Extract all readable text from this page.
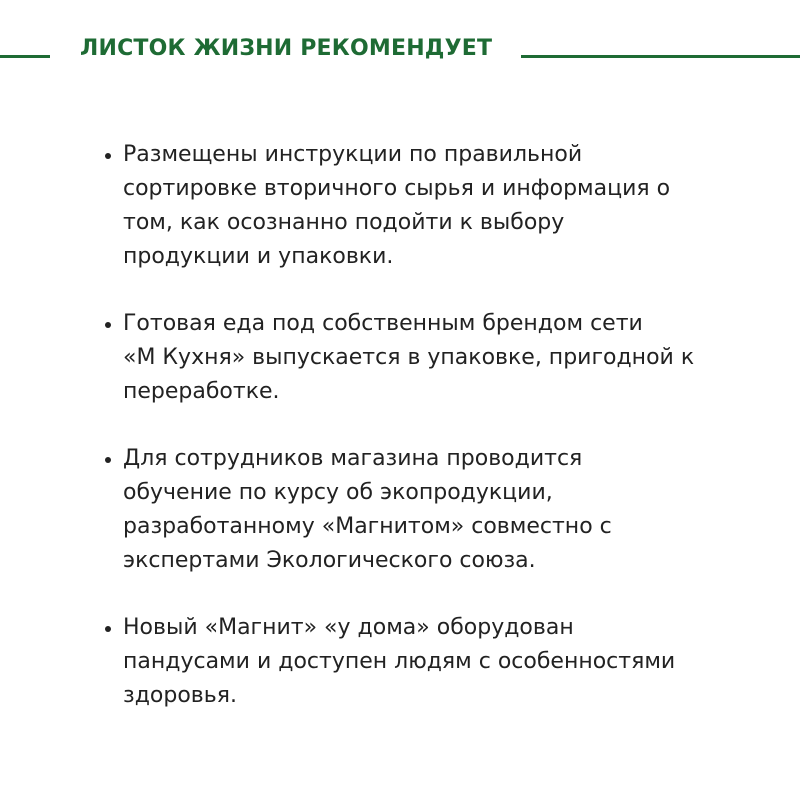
ЛИСТОК ЖИЗНИ РЕКОМЕНДУЕТ
Размещены инструкции по правильной
сортировке вторичного сырья и информация о
том, как осознанно подойти к выбору
продукции и упаковки.
Готовая еда под собственным брендом сети
«М Кухня» выпускается в упаковке, пригодной к
переработке.
Для сотрудников магазина проводится
обучение по курсу об экопродукции,
разработанному «Магнитом» совместно с
экспертами Экологического союза.
Новый «Магнит» «у дома» оборудован
пандусами и доступен людям с особенностями
здоровья.
